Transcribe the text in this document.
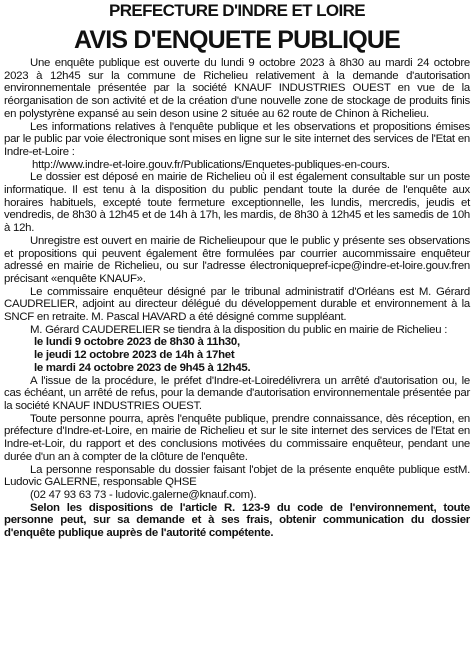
PREFECTURE D'INDRE ET LOIRE
AVIS D'ENQUETE PUBLIQUE

Une enquête publique est ouverte du lundi 9 octobre 2023 à 8h30 au mardi 24 octobre 2023 à 12h45 sur la commune de Richelieu relativement à la demande d'autorisation environnementale présentée par la société KNAUF INDUSTRIES OUEST en vue de la réorganisation de son activité et de la création d'une nouvelle zone de stockage de produits finis en polystyrène expansé au sein deson usine 2 située au 62 route de Chinon à Richelieu.

Les informations relatives à l'enquête publique et les observations et propositions émises par le public par voie électronique sont mises en ligne sur le site internet des services de l'Etat en Indre-et-Loire :

http://www.indre-et-loire.gouv.fr/Publications/Enquetes-publiques-en-cours.

Le dossier est déposé en mairie de Richelieu où il est également consultable sur un poste informatique. Il est tenu à la disposition du public pendant toute la durée de l'enquête aux horaires habituels, excepté toute fermeture exceptionnelle, les lundis, mercredis, jeudis et vendredis, de 8h30 à 12h45 et de 14h à 17h, les mardis, de 8h30 à 12h45 et les samedis de 10h à 12h.

Unregistre est ouvert en mairie de Richelieupour que le public y présente ses observations et propositions qui peuvent également être formulées par courrier aucommissaire enquêteur adressé en mairie de Richelieu, ou sur l'adresse électroniquepref-icpe@indre-et-loire.gouv.fren précisant «enquête KNAUF».

Le commissaire enquêteur désigné par le tribunal administratif d'Orléans est M. Gérard CAUDRELIER, adjoint au directeur délégué du développement durable et environnement à la SNCF en retraite. M. Pascal HAVARD a été désigné comme suppléant.

M. Gérard CAUDERELIER se tiendra à la disposition du public en mairie de Richelieu :

le lundi 9 octobre 2023 de 8h30 à 11h30,

le jeudi 12 octobre 2023 de 14h à 17het

le mardi 24 octobre 2023 de 9h45 à 12h45.

A l'issue de la procédure, le préfet d'Indre-et-Loiredélivrera un arrêté d'autorisation ou, le cas échéant, un arrêté de refus, pour la demande d'autorisation environnementale présentée par la société KNAUF INDUSTRIES OUEST.

Toute personne pourra, après l'enquête publique, prendre connaissance, dès réception, en préfecture d'Indre-et-Loire, en mairie de Richelieu et sur le site internet des services de l'Etat en Indre-et-Loir, du rapport et des conclusions motivées du commissaire enquêteur, pendant une durée d'un an à compter de la clôture de l'enquête.

La personne responsable du dossier faisant l'objet de la présente enquête publique estM. Ludovic GALERNE, responsable QHSE

(02 47 93 63 73 - ludovic.galerne@knauf.com).

Selon les dispositions de l'article R. 123-9 du code de l'environnement, toute personne peut, sur sa demande et à ses frais, obtenir communication du dossier d'enquête publique auprès de l'autorité compétente.
